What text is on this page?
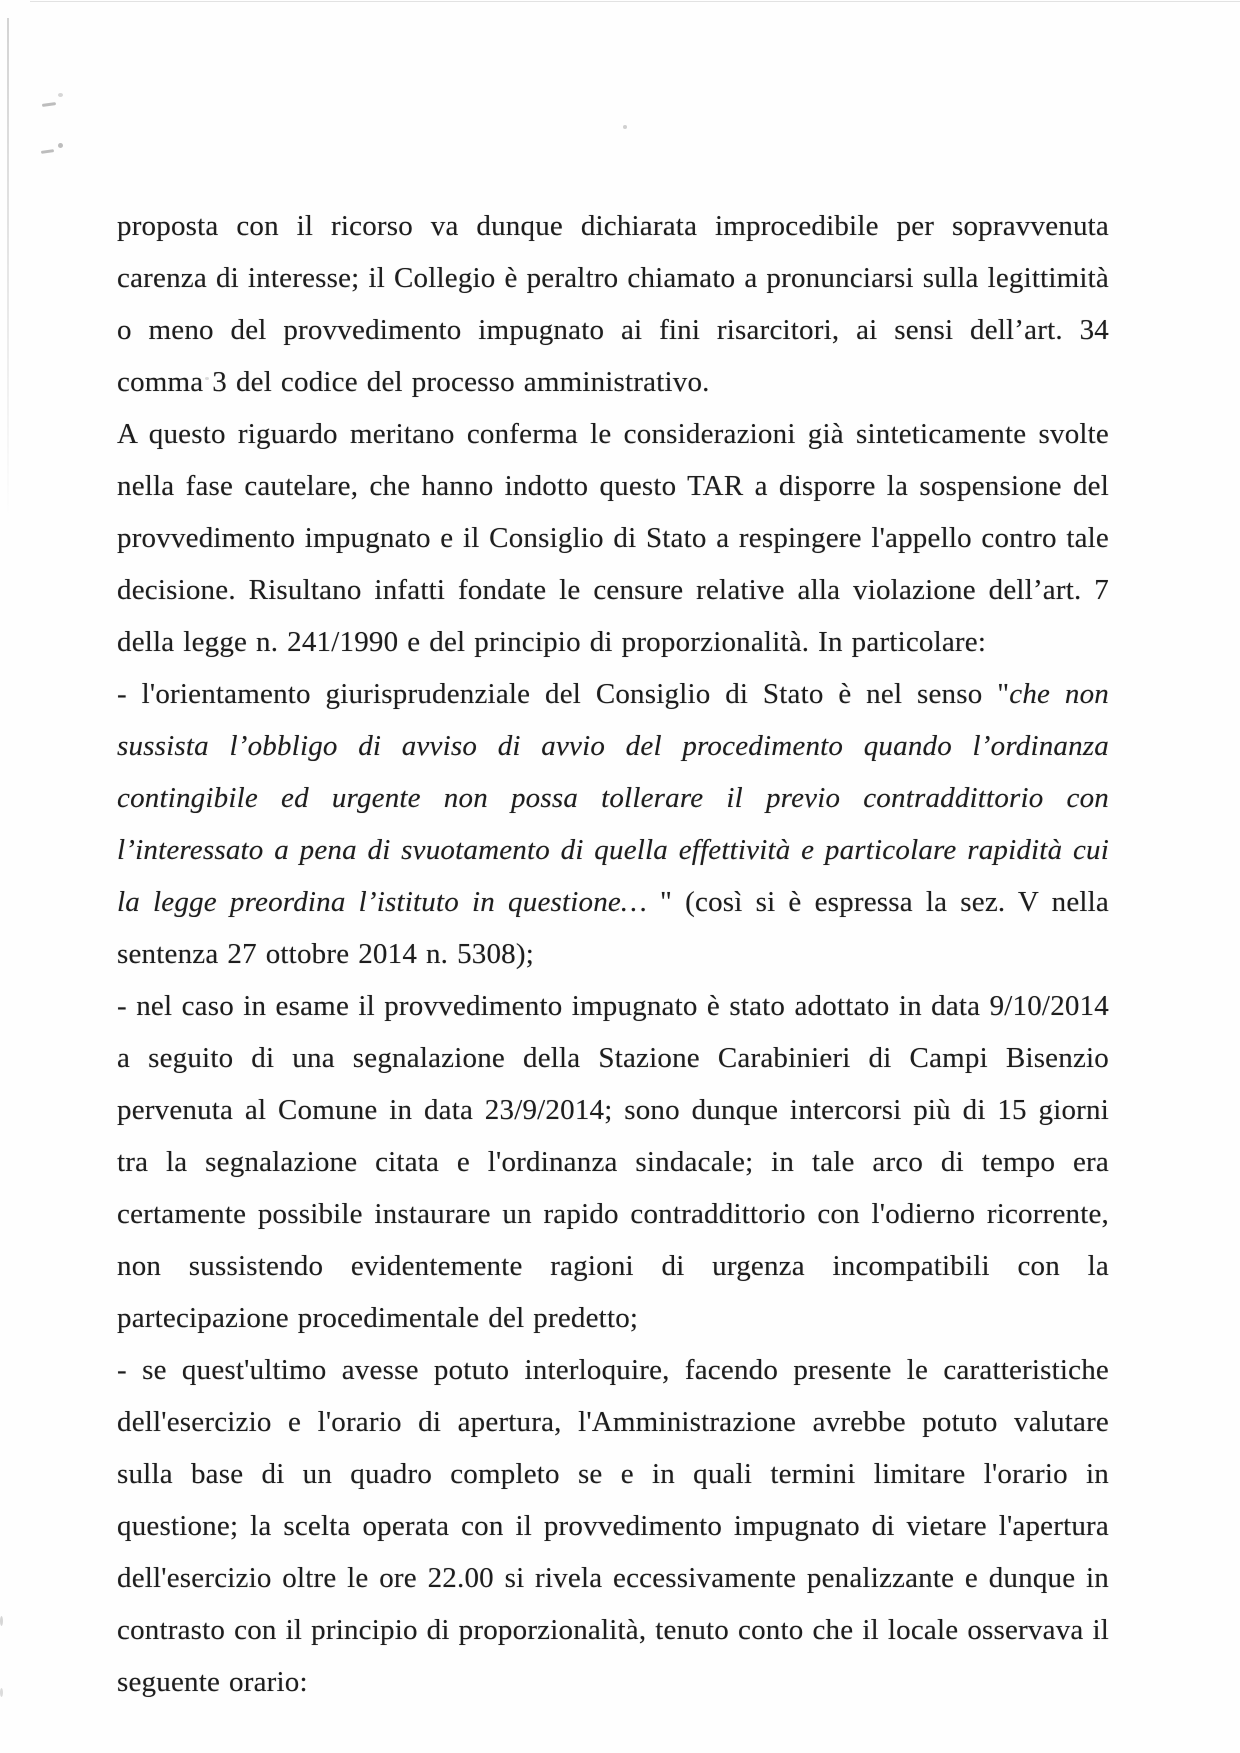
proposta con il ricorso va dunque dichiarata improcedibile per sopravvenuta carenza di interesse; il Collegio è peraltro chiamato a pronunciarsi sulla legittimità o meno del provvedimento impugnato ai fini risarcitori, ai sensi dell’art. 34 comma 3 del codice del processo amministrativo.

A questo riguardo meritano conferma le considerazioni già sinteticamente svolte nella fase cautelare, che hanno indotto questo TAR a disporre la sospensione del provvedimento impugnato e il Consiglio di Stato a respingere l'appello contro tale decisione. Risultano infatti fondate le censure relative alla violazione dell’art. 7 della legge n. 241/1990 e del principio di proporzionalità. In particolare:

- l'orientamento giurisprudenziale del Consiglio di Stato è nel senso "che non sussista l’obbligo di avviso di avvio del procedimento quando l’ordinanza contingibile ed urgente non possa tollerare il previo contraddittorio con l’interessato a pena di svuotamento di quella effettività e particolare rapidità cui la legge preordina l’istituto in questione… " (così si è espressa la sez. V nella sentenza 27 ottobre 2014 n. 5308);

- nel caso in esame il provvedimento impugnato è stato adottato in data 9/10/2014 a seguito di una segnalazione della Stazione Carabinieri di Campi Bisenzio pervenuta al Comune in data 23/9/2014; sono dunque intercorsi più di 15 giorni tra la segnalazione citata e l'ordinanza sindacale; in tale arco di tempo era certamente possibile instaurare un rapido contraddittorio con l'odierno ricorrente, non sussistendo evidentemente ragioni di urgenza incompatibili con la partecipazione procedimentale del predetto;

- se quest'ultimo avesse potuto interloquire, facendo presente le caratteristiche dell'esercizio e l'orario di apertura, l'Amministrazione avrebbe potuto valutare sulla base di un quadro completo se e in quali termini limitare l'orario in questione; la scelta operata con il provvedimento impugnato di vietare l'apertura dell'esercizio oltre le ore 22.00 si rivela eccessivamente penalizzante e dunque in contrasto con il principio di proporzionalità, tenuto conto che il locale osservava il seguente orario:
